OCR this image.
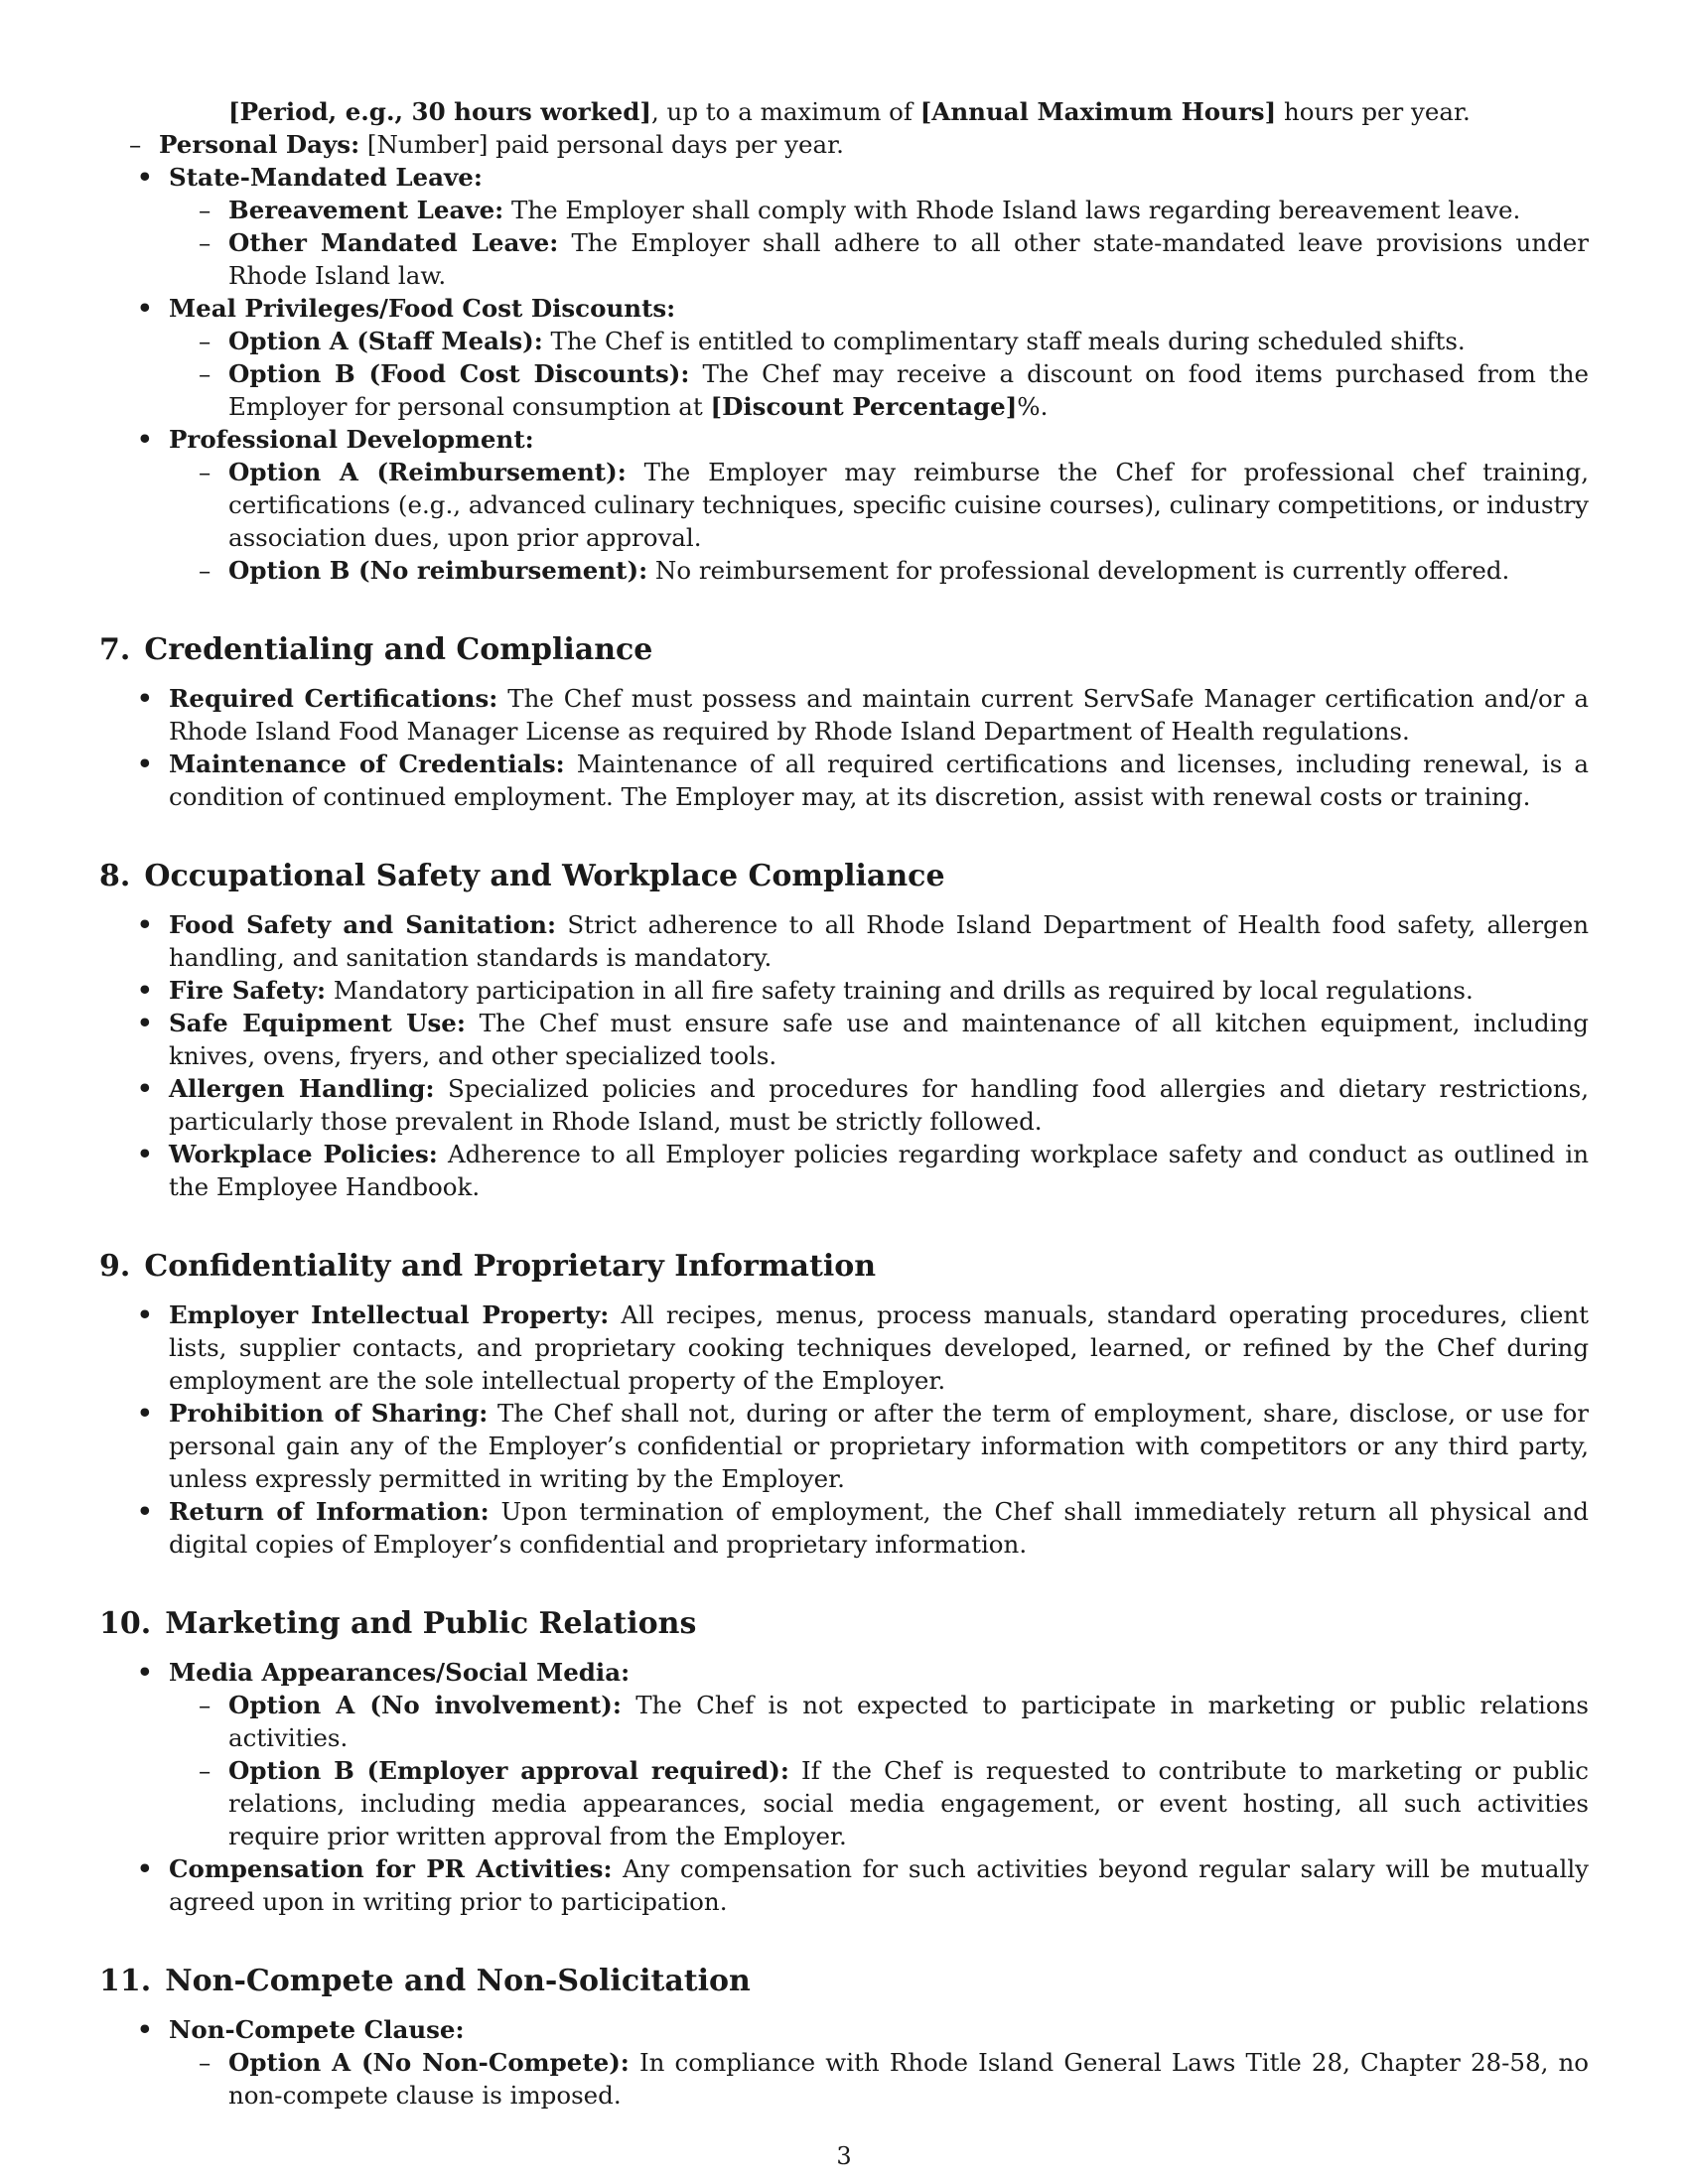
[Period, e.g., 30 hours worked], up to a maximum of [Annual Maximum Hours] hours per year.
– Personal Days: [Number] paid personal days per year.
• State-Mandated Leave:
– Bereavement Leave: The Employer shall comply with Rhode Island laws regarding bereavement leave.
– Other Mandated Leave: The Employer shall adhere to all other state-mandated leave provisions under Rhode Island law.
• Meal Privileges/Food Cost Discounts:
– Option A (Staff Meals): The Chef is entitled to complimentary staff meals during scheduled shifts.
– Option B (Food Cost Discounts): The Chef may receive a discount on food items purchased from the Employer for personal consumption at [Discount Percentage]%.
• Professional Development:
– Option A (Reimbursement): The Employer may reimburse the Chef for professional chef training, certifications (e.g., advanced culinary techniques, specific cuisine courses), culinary competitions, or industry association dues, upon prior approval.
– Option B (No reimbursement): No reimbursement for professional development is currently offered.
7. Credentialing and Compliance
• Required Certifications: The Chef must possess and maintain current ServSafe Manager certification and/or a Rhode Island Food Manager License as required by Rhode Island Department of Health regulations.
• Maintenance of Credentials: Maintenance of all required certifications and licenses, including renewal, is a condition of continued employment. The Employer may, at its discretion, assist with renewal costs or training.
8. Occupational Safety and Workplace Compliance
• Food Safety and Sanitation: Strict adherence to all Rhode Island Department of Health food safety, allergen handling, and sanitation standards is mandatory.
• Fire Safety: Mandatory participation in all fire safety training and drills as required by local regulations.
• Safe Equipment Use: The Chef must ensure safe use and maintenance of all kitchen equipment, including knives, ovens, fryers, and other specialized tools.
• Allergen Handling: Specialized policies and procedures for handling food allergies and dietary restrictions, particularly those prevalent in Rhode Island, must be strictly followed.
• Workplace Policies: Adherence to all Employer policies regarding workplace safety and conduct as outlined in the Employee Handbook.
9. Confidentiality and Proprietary Information
• Employer Intellectual Property: All recipes, menus, process manuals, standard operating procedures, client lists, supplier contacts, and proprietary cooking techniques developed, learned, or refined by the Chef during employment are the sole intellectual property of the Employer.
• Prohibition of Sharing: The Chef shall not, during or after the term of employment, share, disclose, or use for personal gain any of the Employer’s confidential or proprietary information with competitors or any third party, unless expressly permitted in writing by the Employer.
• Return of Information: Upon termination of employment, the Chef shall immediately return all physical and digital copies of Employer’s confidential and proprietary information.
10. Marketing and Public Relations
• Media Appearances/Social Media:
– Option A (No involvement): The Chef is not expected to participate in marketing or public relations activities.
– Option B (Employer approval required): If the Chef is requested to contribute to marketing or public relations, including media appearances, social media engagement, or event hosting, all such activities require prior written approval from the Employer.
• Compensation for PR Activities: Any compensation for such activities beyond regular salary will be mutually agreed upon in writing prior to participation.
11. Non-Compete and Non-Solicitation
• Non-Compete Clause:
– Option A (No Non-Compete): In compliance with Rhode Island General Laws Title 28, Chapter 28-58, no non-compete clause is imposed.
3
